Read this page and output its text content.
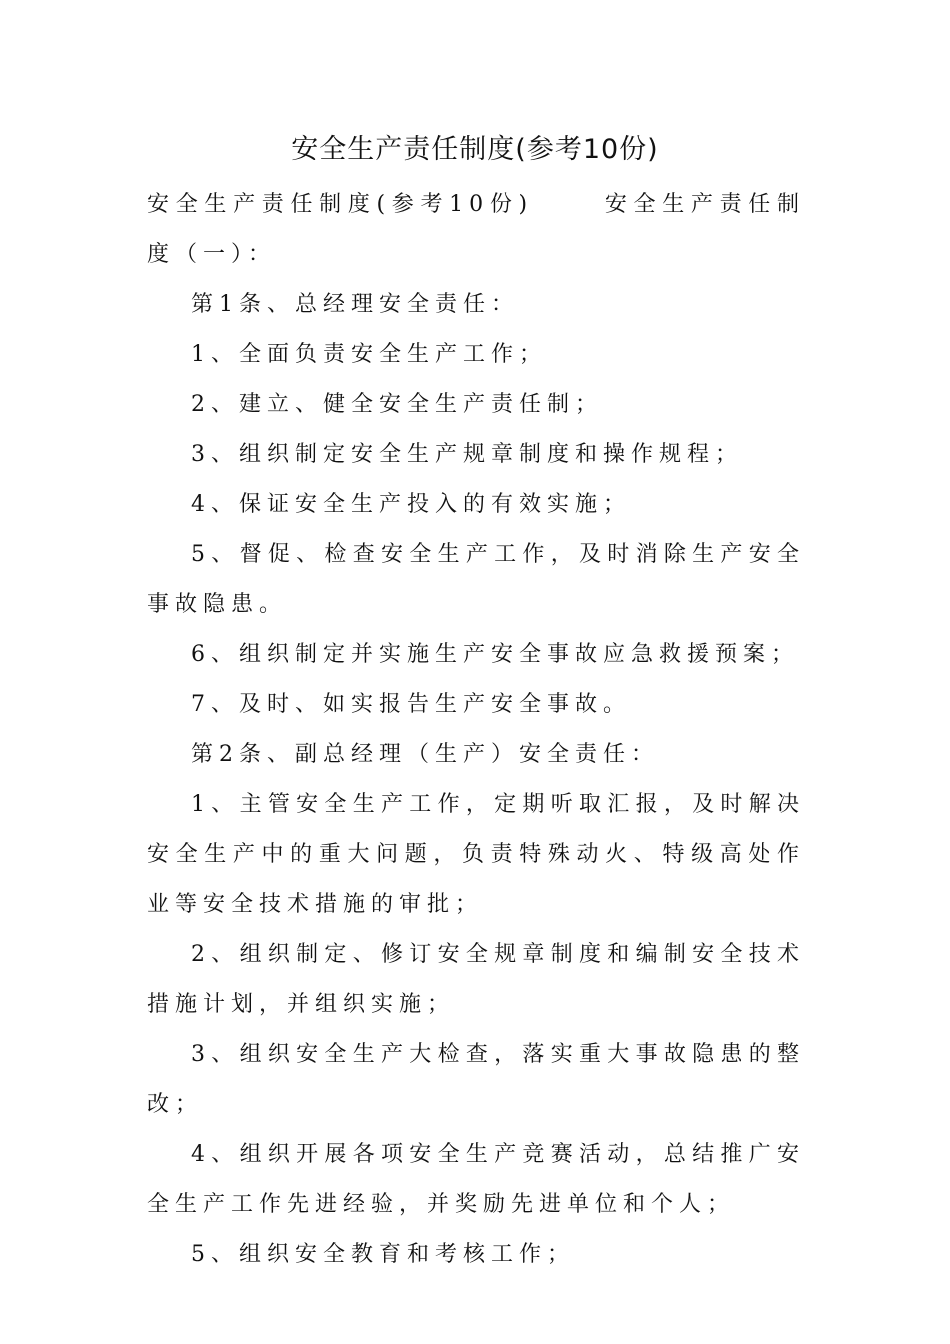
安全生产责任制度(参考10份)

安全生产责任制度(参考10份)　　 安全生产责任制度（一）：

第1条、总经理安全责任：

1、全面负责安全生产工作；

2、建立、健全安全生产责任制；

3、组织制定安全生产规章制度和操作规程；

4、保证安全生产投入的有效实施；

5、督促、检查安全生产工作，及时消除生产安全事故隐患。

6、组织制定并实施生产安全事故应急救援预案；

7、及时、如实报告生产安全事故。

第2条、副总经理（生产）安全责任：

1、主管安全生产工作，定期听取汇报，及时解决安全生产中的重大问题，负责特殊动火、特级高处作业等安全技术措施的审批；

2、组织制定、修订安全规章制度和编制安全技术措施计划，并组织实施；

3、组织安全生产大检查，落实重大事故隐患的整改；

4、组织开展各项安全生产竞赛活动，总结推广安全生产工作先进经验，并奖励先进单位和个人；

5、组织安全教育和考核工作；
